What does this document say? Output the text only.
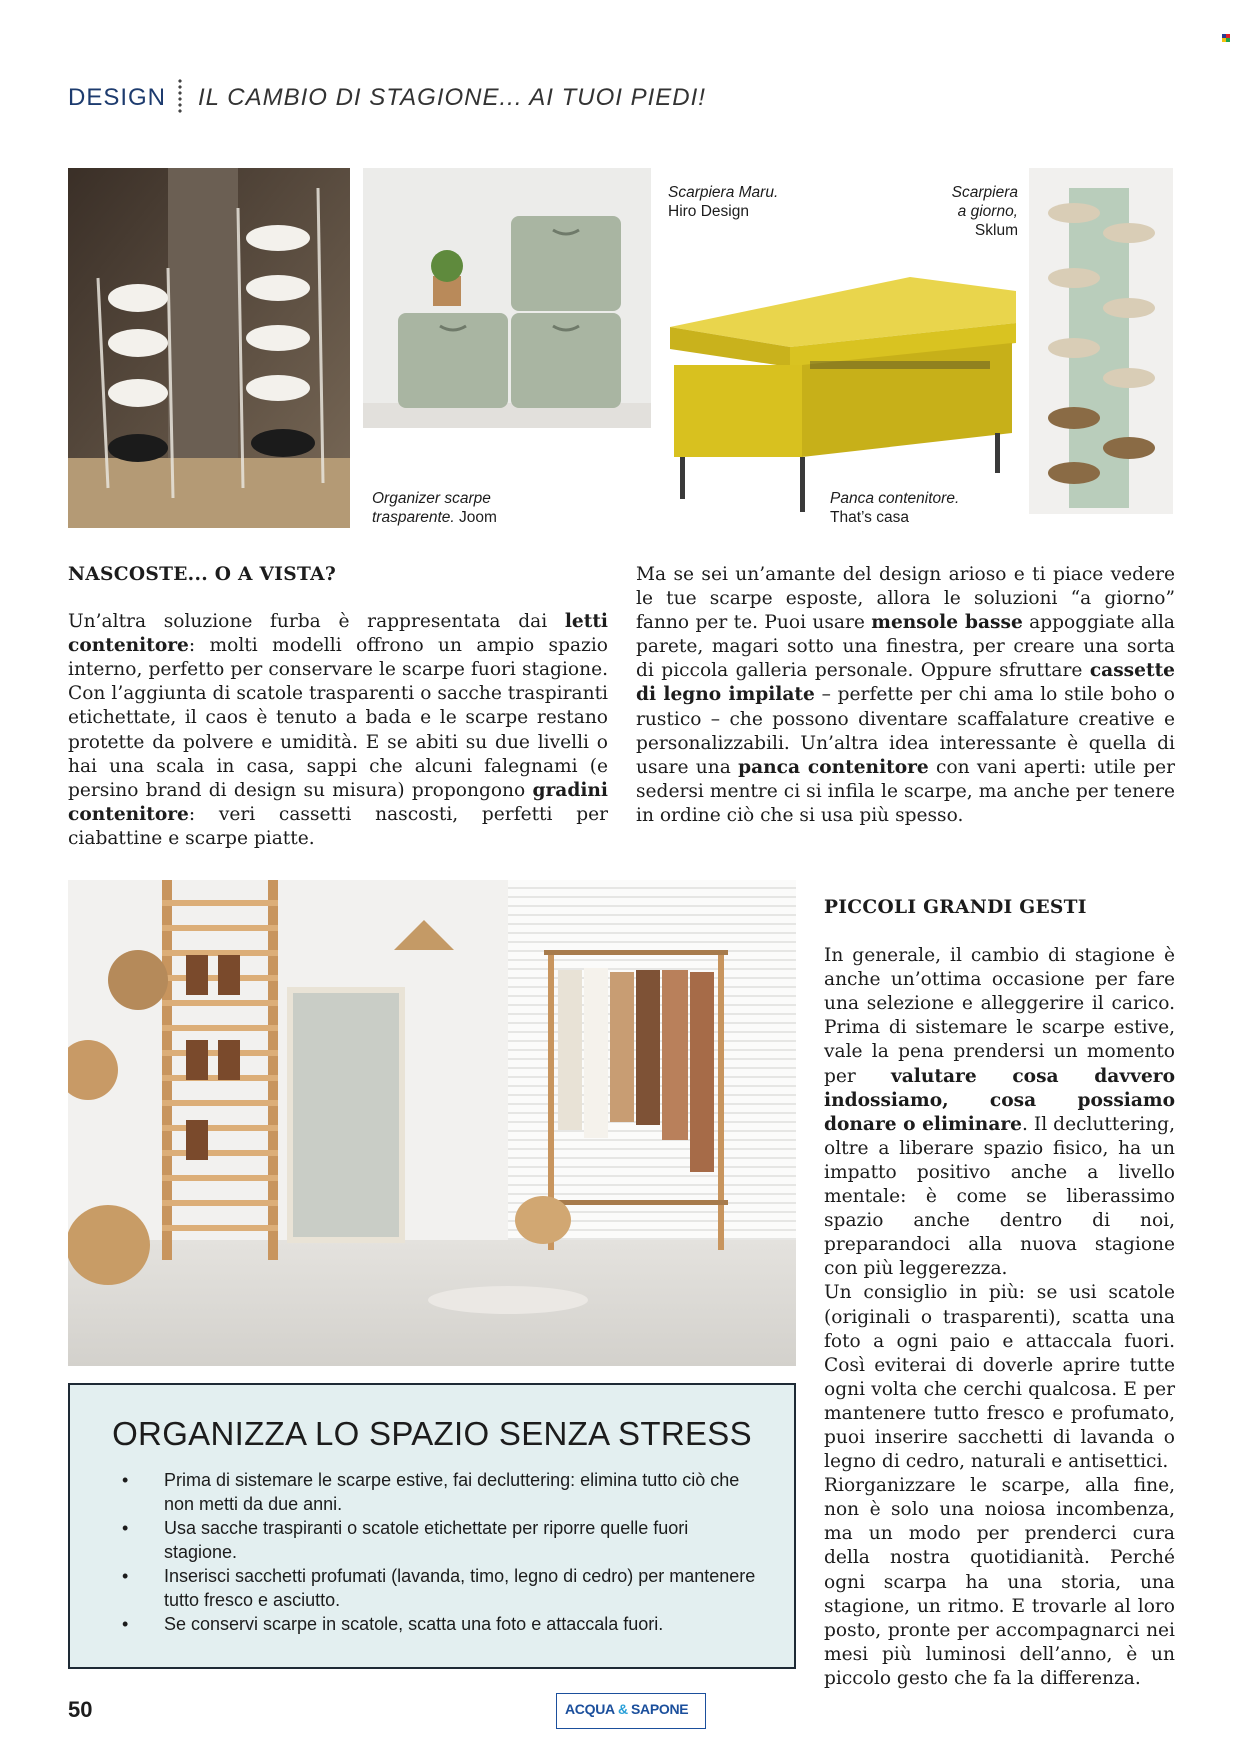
DESIGN IL CAMBIO DI STAGIONE... AI TUOI PIEDI!
Organizer scarpe
trasparente. Joom
Scarpiera Maru.
Hiro Design
Scarpiera
a giorno,
Sklum
Panca contenitore.
That’s casa
NASCOSTE... O A VISTA?

Un’altra soluzione furba è rappresentata dai letti contenitore: molti modelli offrono un ampio spazio interno, perfetto per conservare le scarpe fuori stagione. Con l’aggiunta di scatole trasparenti o sacche traspiranti etichettate, il caos è tenuto a bada e le scarpe restano protette da polvere e umidità. E se abiti su due livelli o hai una scala in casa, sappi che alcuni falegnami (e persino brand di design su misura) propongono gradini contenitore: veri cassetti nascosti, perfetti per ciabattine e scarpe piatte.

Ma se sei un’amante del design arioso e ti piace vedere le tue scarpe esposte, allora le soluzioni “a giorno” fanno per te. Puoi usare mensole basse appoggiate alla parete, magari sotto una finestra, per creare una sorta di piccola galleria personale. Oppure sfruttare cassette di legno impilate – perfette per chi ama lo stile boho o rustico – che possono diventare scaffalature creative e personalizzabili. Un’altra idea interessante è quella di usare una panca contenitore con vani aperti: utile per sedersi mentre ci si infila le scarpe, ma anche per tenere in ordine ciò che si usa più spesso.

PICCOLI GRANDI GESTI

In generale, il cambio di stagione è anche un’ottima occasione per fare una selezione e alleggerire il carico. Prima di sistemare le scarpe estive, vale la pena prendersi un momento per valutare cosa davvero indossiamo, cosa possiamo donare o eliminare. Il decluttering, oltre a liberare spazio fisico, ha un impatto positivo anche a livello mentale: è come se liberassimo spazio anche dentro di noi, preparandoci alla nuova stagione con più leggerezza.

Un consiglio in più: se usi scatole (originali o trasparenti), scatta una foto a ogni paio e attaccala fuori. Così eviterai di doverle aprire tutte ogni volta che cerchi qualcosa. E per mantenere tutto fresco e profumato, puoi inserire sacchetti di lavanda o legno di cedro, naturali e antisettici.

Riorganizzare le scarpe, alla fine, non è solo una noiosa incombenza, ma un modo per prenderci cura della nostra quotidianità. Perché ogni scarpa ha una storia, una stagione, un ritmo. E trovarle al loro posto, pronte per accompagnarci nei mesi più luminosi dell’anno, è un piccolo gesto che fa la differenza.

ORGANIZZA LO SPAZIO SENZA STRESS
• Prima di sistemare le scarpe estive, fai decluttering: elimina tutto ciò che non metti da due anni.
• Usa sacche traspiranti o scatole etichettate per riporre quelle fuori stagione.
• Inserisci sacchetti profumati (lavanda, timo, legno di cedro) per mantenere tutto fresco e asciutto.
• Se conservi scarpe in scatole, scatta una foto e attaccala fuori.
50	ACQUA & SAPONE
